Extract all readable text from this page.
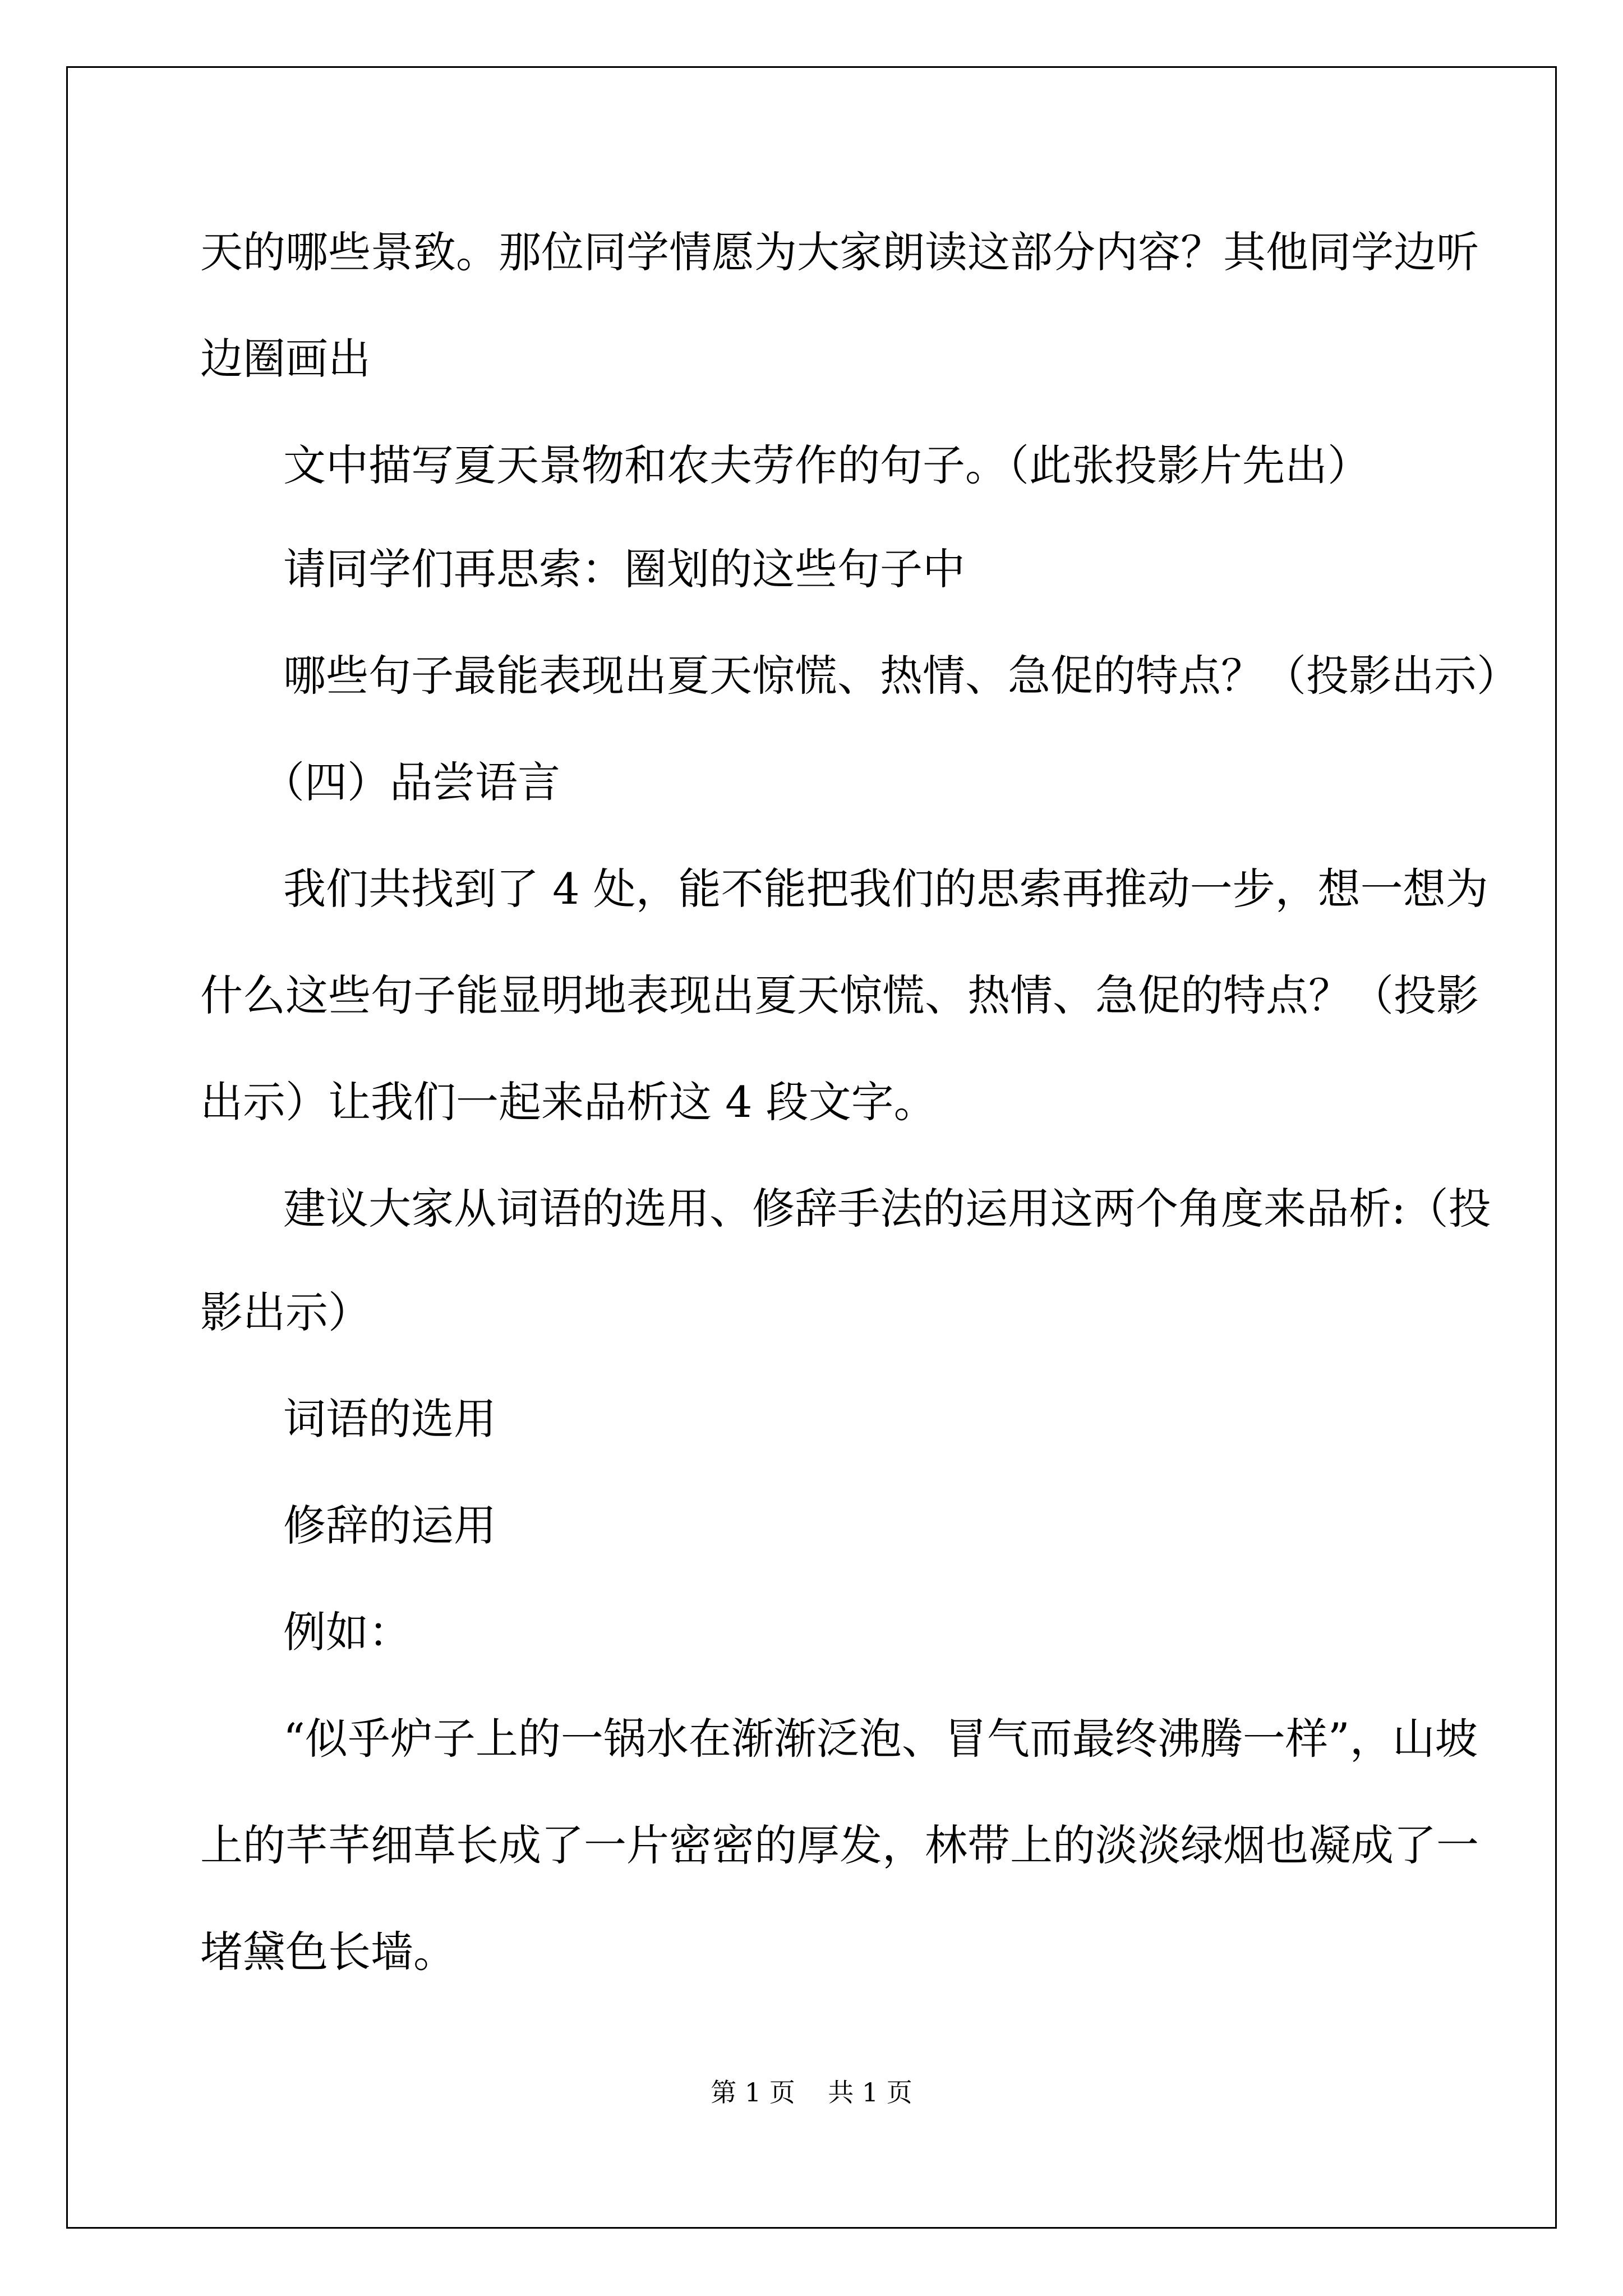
天的哪些景致。那位同学情愿为大家朗读这部分内容？其他同学边听
边圈画出
文中描写夏天景物和农夫劳作的句子。（此张投影片先出）
请同学们再思索：圈划的这些句子中
哪些句子最能表现出夏天惊慌、热情、急促的特点？（投影出示）
（四）品尝语言
我们共找到了 4 处，能不能把我们的思索再推动一步，想一想为
什么这些句子能显明地表现出夏天惊慌、热情、急促的特点？（投影
出示）让我们一起来品析这 4 段文字。
建议大家从词语的选用、修辞手法的运用这两个角度来品析:（投
影出示）
词语的选用
修辞的运用
例如：
“似乎炉子上的一锅水在渐渐泛泡、冒气而最终沸腾一样”，山坡
上的芊芊细草长成了一片密密的厚发，林带上的淡淡绿烟也凝成了一
堵黛色长墙。
第 1 页    共 1 页
